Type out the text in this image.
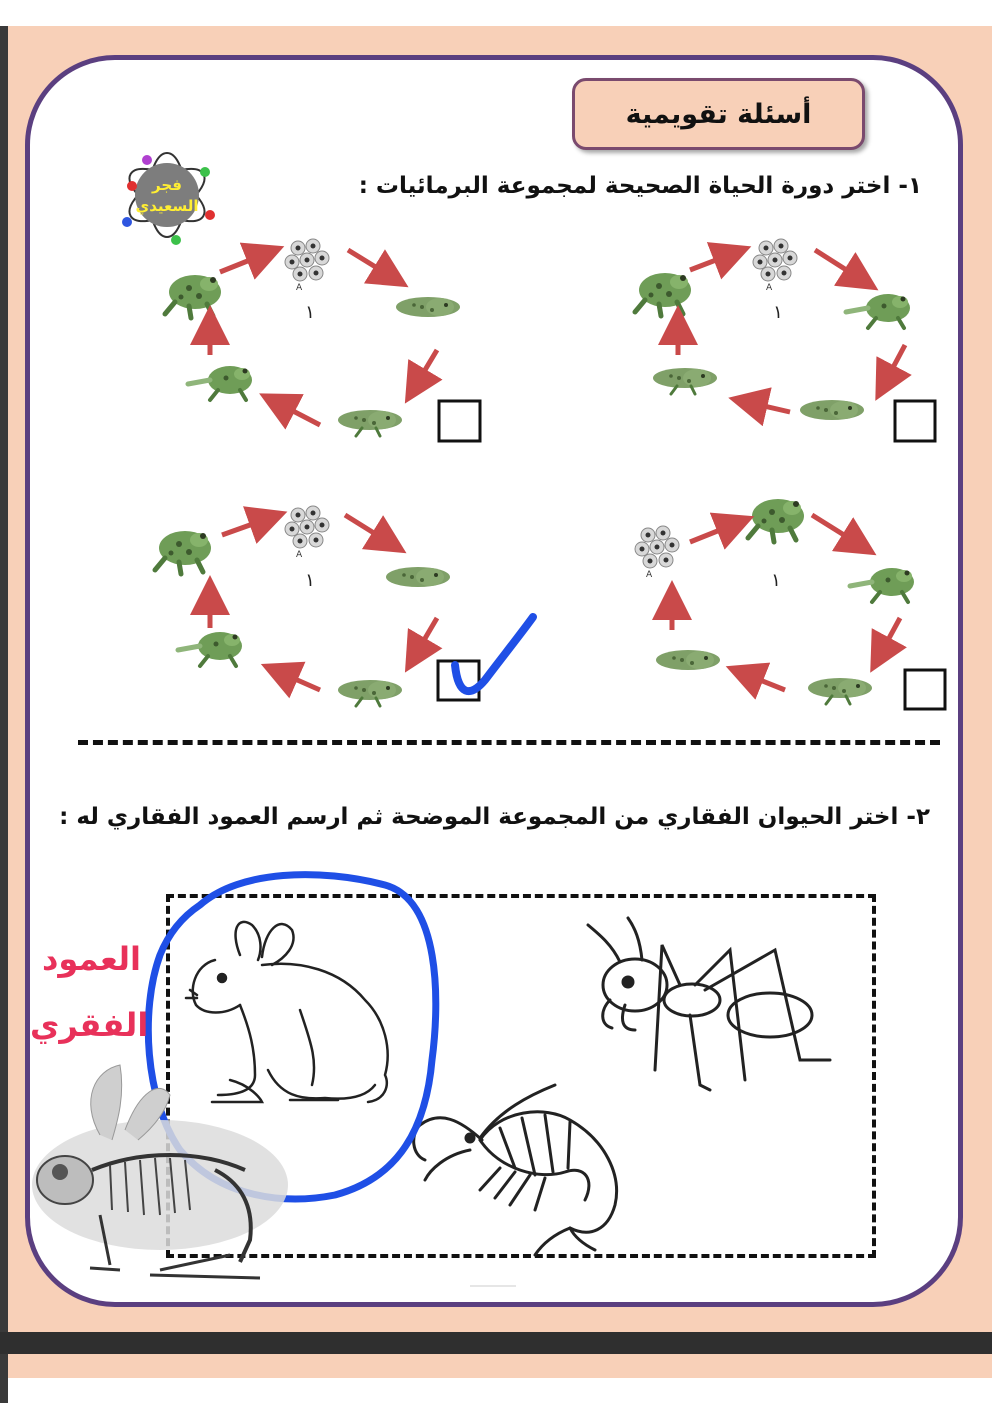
أسئلة تقويمية
١- اختر دورة الحياة الصحيحة لمجموعة البرمائيات :
٢- اختر الحيوان الفقاري من المجموعة الموضحة ثم ارسم العمود الفقاري له :
فجر
السعيدي
A
١
A
١
A	١
A
١
العمود
الفقري
